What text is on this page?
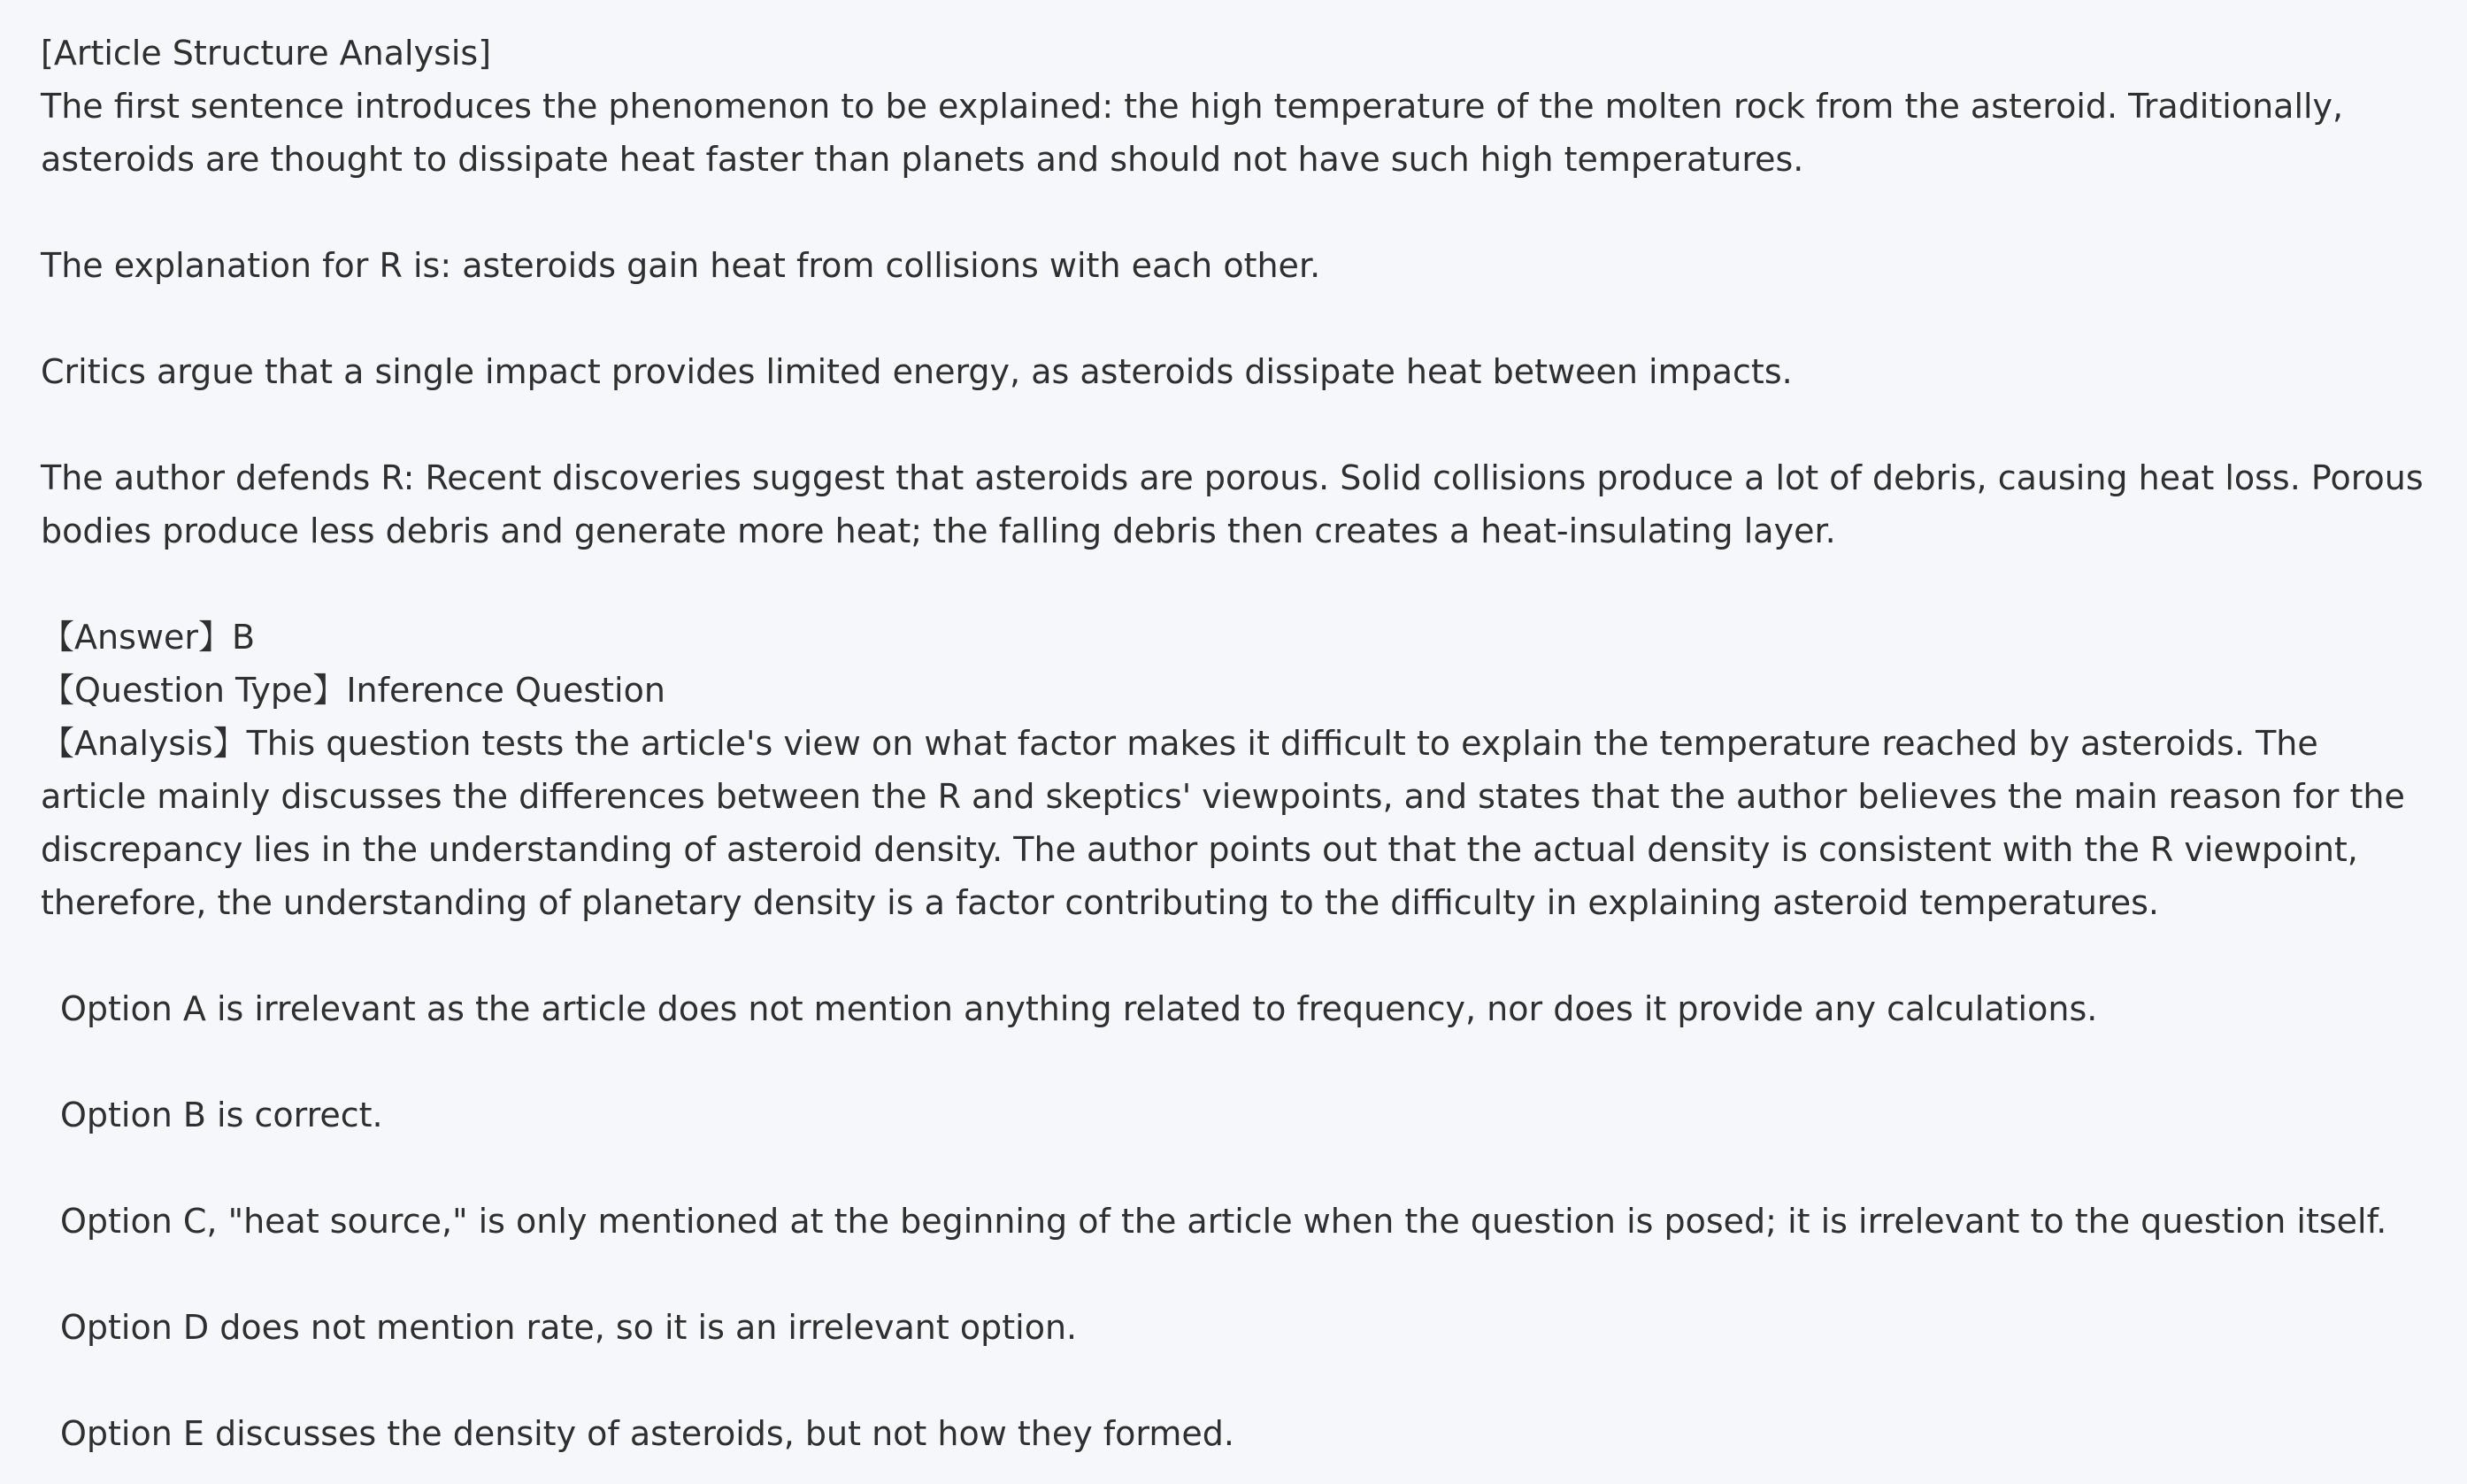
[Article Structure Analysis]

The first sentence introduces the phenomenon to be explained: the high temperature of the molten rock from the asteroid. Traditionally, asteroids are thought to dissipate heat faster than planets and should not have such high temperatures.

The explanation for R is: asteroids gain heat from collisions with each other.

Critics argue that a single impact provides limited energy, as asteroids dissipate heat between impacts.

The author defends R: Recent discoveries suggest that asteroids are porous. Solid collisions produce a lot of debris, causing heat loss. Porous bodies produce less debris and generate more heat; the falling debris then creates a heat-insulating layer.

【Answer】B

【Question Type】Inference Question

【Analysis】This question tests the article's view on what factor makes it difficult to explain the temperature reached by asteroids. The article mainly discusses the differences between the R and skeptics' viewpoints, and states that the author believes the main reason for the discrepancy lies in the understanding of asteroid density. The author points out that the actual density is consistent with the R viewpoint, therefore, the understanding of planetary density is a factor contributing to the difficulty in explaining asteroid temperatures.

Option A is irrelevant as the article does not mention anything related to frequency, nor does it provide any calculations.

Option B is correct.

Option C, "heat source," is only mentioned at the beginning of the article when the question is posed; it is irrelevant to the question itself.

Option D does not mention rate, so it is an irrelevant option.

Option E discusses the density of asteroids, but not how they formed.
